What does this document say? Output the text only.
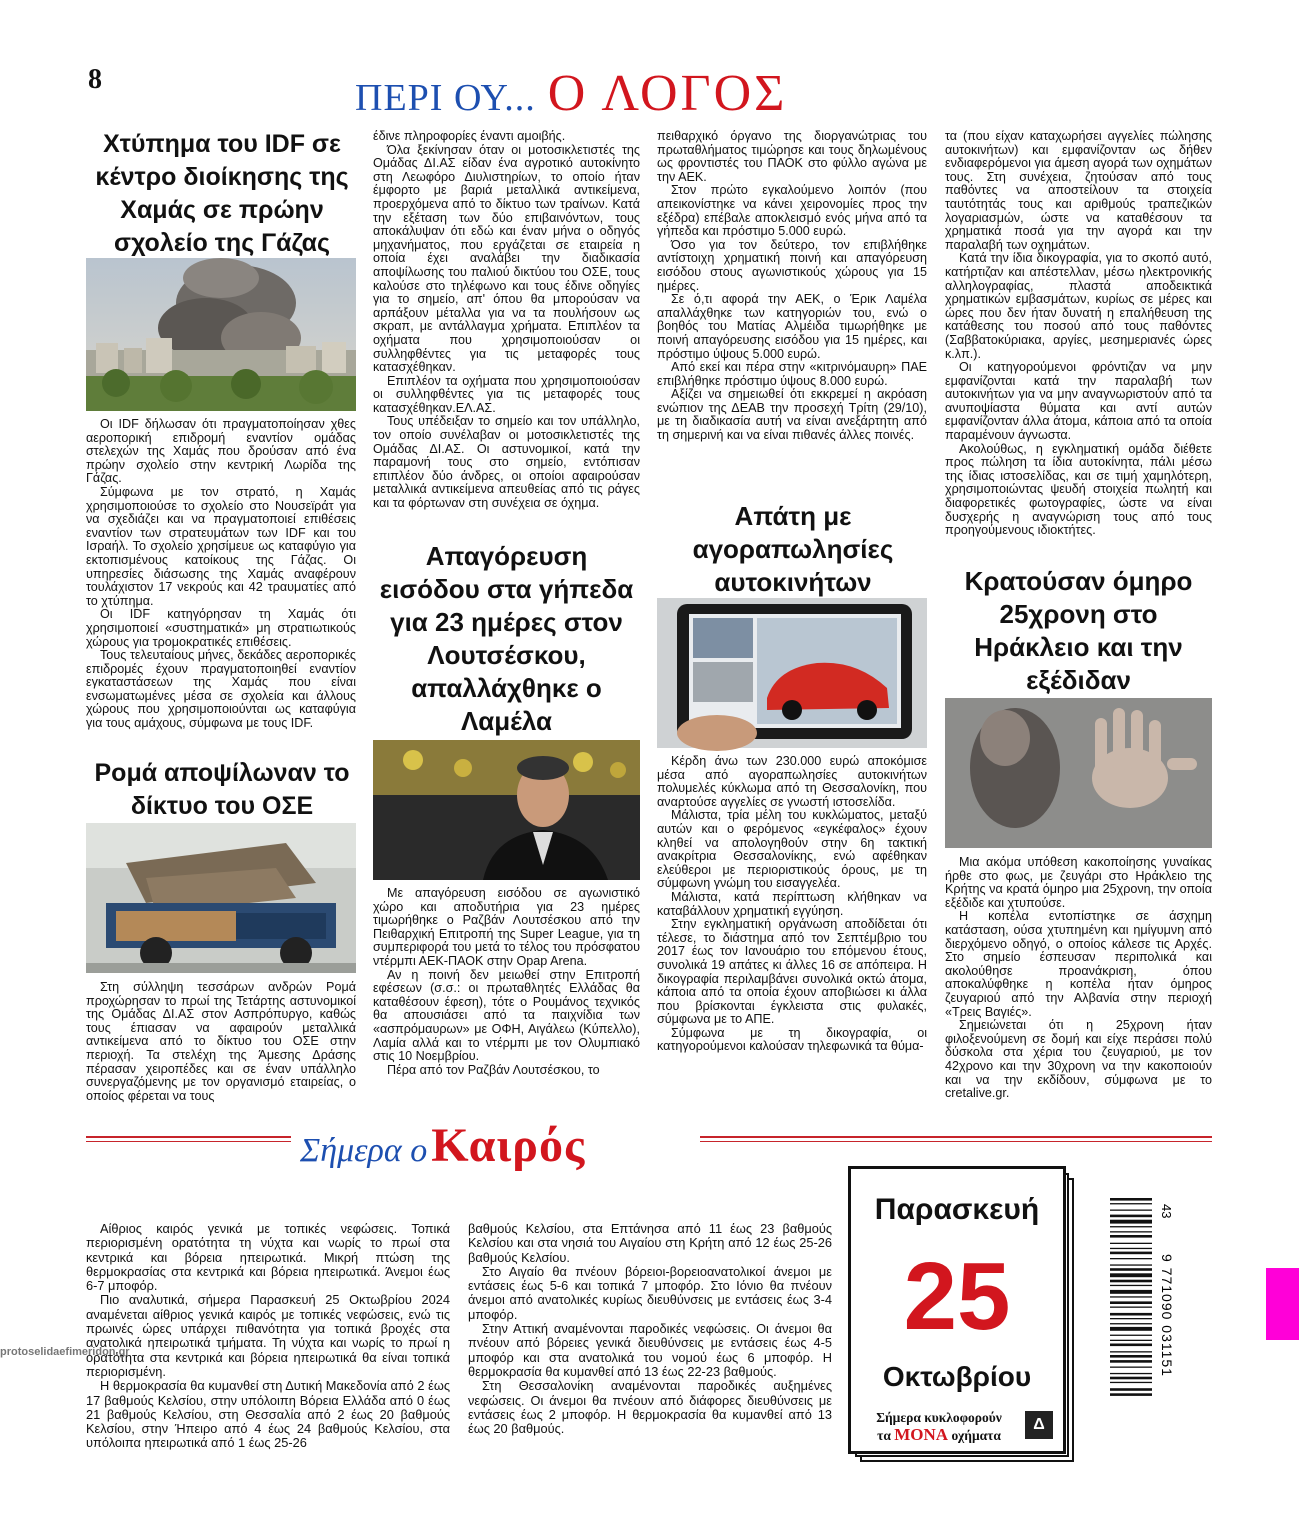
8	ΠΕΡΙ ΟΥ... Ο ΛΟΓΟΣ
Χτύπημα του IDF σε κέντρο διοίκησης της Χαμάς σε πρώην σχολείο της Γάζας

Οι IDF δήλωσαν ότι πραγματοποίησαν χθες αεροπορική επιδρομή εναντίον ομάδας στελεχών της Χαμάς που δρούσαν από ένα πρώην σχολείο στην κεντρική Λωρίδα της Γάζας.

Σύμφωνα με τον στρατό, η Χαμάς χρησιμοποιούσε το σχολείο στο Νουσεϊράτ για να σχεδιάζει και να πραγματοποιεί επιθέσεις εναντίον των στρατευμάτων των IDF και του Ισραήλ. Το σχολείο χρησίμευε ως καταφύγιο για εκτοπισμένους κατοίκους της Γάζας. Οι υπηρεσίες διάσωσης της Χαμάς αναφέρουν τουλάχιστον 17 νεκρούς και 42 τραυματίες από το χτύπημα.

Οι IDF κατηγόρησαν τη Χαμάς ότι χρησιμοποιεί «συστηματικά» μη στρατιωτικούς χώρους για τρομοκρατικές επιθέσεις.

Τους τελευταίους μήνες, δεκάδες αεροπορικές επιδρομές έχουν πραγματοποιηθεί εναντίον εγκαταστάσεων της Χαμάς που είναι ενσωματωμένες μέσα σε σχολεία και άλλους χώρους που χρησιμοποιούνται ως καταφύγια για τους αμάχους, σύμφωνα με τους IDF.

Ρομά αποψίλωναν το δίκτυο του ΟΣΕ

Στη σύλληψη τεσσάρων ανδρών Ρομά προχώρησαν το πρωί της Τετάρτης αστυνομικοί της Ομάδας ΔΙ.ΑΣ στον Ασπρόπυργο, καθώς τους έπιασαν να αφαιρούν μεταλλικά αντικείμενα από το δίκτυο του ΟΣΕ στην περιοχή. Τα στελέχη της Άμεσης Δράσης πέρασαν χειροπέδες και σε έναν υπάλληλο συνεργαζόμενης με τον οργανισμό εταιρείας, ο οποίος φέρεται να τους

έδινε πληροφορίες έναντι αμοιβής.

Όλα ξεκίνησαν όταν οι μοτοσικλετιστές της Ομάδας ΔΙ.ΑΣ είδαν ένα αγροτικό αυτοκίνητο στη Λεωφόρο Διυλιστηρίων, το οποίο ήταν έμφορτο με βαριά μεταλλικά αντικείμενα, προερχόμενα από το δίκτυο των τραίνων. Κατά την εξέταση των δύο επιβαινόντων, τους αποκάλυψαν ότι εδώ και έναν μήνα ο οδηγός μηχανήματος, που εργάζεται σε εταιρεία η οποία έχει αναλάβει την διαδικασία αποψίλωσης του παλιού δικτύου του ΟΣΕ, τους καλούσε στο τηλέφωνο και τους έδινε οδηγίες για το σημείο, απ' όπου θα μπορούσαν να αρπάξουν μέταλλα για να τα πουλήσουν ως σκραπ, με αντάλλαγμα χρήματα. Επιπλέον τα οχήματα που χρησιμοποιούσαν οι συλληφθέντες για τις μεταφορές τους κατασχέθηκαν.

Επιπλέον τα οχήματα που χρησιμοποιούσαν οι συλληφθέντες για τις μεταφορές τους κατασχέθηκαν.ΕΛ.ΑΣ.

Τους υπέδειξαν το σημείο και τον υπάλληλο, τον οποίο συνέλαβαν οι μοτοσικλετιστές της Ομάδας ΔΙ.ΑΣ. Οι αστυνομικοί, κατά την παραμονή τους στο σημείο, εντόπισαν επιπλέον δύο άνδρες, οι οποίοι αφαιρούσαν μεταλλικά αντικείμενα απευθείας από τις ράγες και τα φόρτωναν στη συνέχεια σε όχημα.

Απαγόρευση εισόδου στα γήπεδα για 23 ημέρες στον Λουτσέσκου, απαλλάχθηκε ο Λαμέλα

Με απαγόρευση εισόδου σε αγωνιστικό χώρο και αποδυτήρια για 23 ημέρες τιμωρήθηκε ο Ραζβάν Λουτσέσκου από την Πειθαρχική Επιτροπή της Super League, για τη συμπεριφορά του μετά το τέλος του πρόσφατου ντέρμπι ΑΕΚ-ΠΑΟΚ στην Opap Arena.

Αν η ποινή δεν μειωθεί στην Επιτροπή εφέσεων (σ.σ.: οι πρωταθλητές Ελλάδας θα καταθέσουν έφεση), τότε ο Ρουμάνος τεχνικός θα απουσιάσει από τα παιχνίδια των «ασπρόμαυρων» με ΟΦΗ, Αιγάλεω (Κύπελλο), Λαμία αλλά και το ντέρμπι με τον Ολυμπιακό στις 10 Νοεμβρίου.

Πέρα από τον Ραζβάν Λουτσέσκου, το

πειθαρχικό όργανο της διοργανώτριας του πρωταθλήματος τιμώρησε και τους δηλωμένους ως φροντιστές του ΠΑΟΚ στο φύλλο αγώνα με την ΑΕΚ.

Στον πρώτο εγκαλούμενο λοιπόν (που απεικονίστηκε να κάνει χειρονομίες προς την εξέδρα) επέβαλε αποκλεισμό ενός μήνα από τα γήπεδα και πρόστιμο 5.000 ευρώ.

Όσο για τον δεύτερο, τον επιβλήθηκε αντίστοιχη χρηματική ποινή και απαγόρευση εισόδου στους αγωνιστικούς χώρους για 15 ημέρες.

Σε ό,τι αφορά την ΑΕΚ, ο Έρικ Λαμέλα απαλλάχθηκε των κατηγοριών του, ενώ ο βοηθός του Ματίας Αλμέιδα τιμωρήθηκε με ποινή απαγόρευσης εισόδου για 15 ημέρες, και πρόστιμο ύψους 5.000 ευρώ.

Από εκεί και πέρα στην «κιτρινόμαυρη» ΠΑΕ επιβλήθηκε πρόστιμο ύψους 8.000 ευρώ.

Αξίζει να σημειωθεί ότι εκκρεμεί η ακρόαση ενώπιον της ΔΕΑΒ την προσεχή Τρίτη (29/10), με τη διαδικασία αυτή να είναι ανεξάρτητη από τη σημερινή και να είναι πιθανές άλλες ποινές.

Απάτη με αγοραπωλησίες αυτοκινήτων

Κέρδη άνω των 230.000 ευρώ αποκόμισε μέσα από αγοραπωλησίες αυτοκινήτων πολυμελές κύκλωμα από τη Θεσσαλονίκη, που αναρτούσε αγγελίες σε γνωστή ιστοσελίδα.

Μάλιστα, τρία μέλη του κυκλώματος, μεταξύ αυτών και ο φερόμενος «εγκέφαλος» έχουν κληθεί να απολογηθούν στην 6η τακτική ανακρίτρια Θεσσαλονίκης, ενώ αφέθηκαν ελεύθεροι με περιοριστικούς όρους, με τη σύμφωνη γνώμη του εισαγγελέα.

Μάλιστα, κατά περίπτωση κλήθηκαν να καταβάλλουν χρηματική εγγύηση.

Στην εγκληματική οργάνωση αποδίδεται ότι τέλεσε, το διάστημα από τον Σεπτέμβριο του 2017 έως τον Ιανουάριο του επόμενου έτους, συνολικά 19 απάτες κι άλλες 16 σε απόπειρα. Η δικογραφία περιλαμβάνει συνολικά οκτώ άτομα, κάποια από τα οποία έχουν αποβιώσει κι άλλα που βρίσκονται έγκλειστα στις φυλακές, σύμφωνα με το ΑΠΕ.

Σύμφωνα με τη δικογραφία, οι κατηγορούμενοι καλούσαν τηλεφωνικά τα θύμα-

τα (που είχαν καταχωρήσει αγγελίες πώλησης αυτοκινήτων) και εμφανίζονταν ως δήθεν ενδιαφερόμενοι για άμεση αγορά των οχημάτων τους. Στη συνέχεια, ζητούσαν από τους παθόντες να αποστείλουν τα στοιχεία ταυτότητάς τους και αριθμούς τραπεζικών λογαριασμών, ώστε να καταθέσουν τα χρηματικά ποσά για την αγορά και την παραλαβή των οχημάτων.

Κατά την ίδια δικογραφία, για το σκοπό αυτό, κατήρτιζαν και απέστελλαν, μέσω ηλεκτρονικής αλληλογραφίας, πλαστά αποδεικτικά χρηματικών εμβασμάτων, κυρίως σε μέρες και ώρες που δεν ήταν δυνατή η επαλήθευση της κατάθεσης του ποσού από τους παθόντες (Σαββατοκύριακα, αργίες, μεσημεριανές ώρες κ.λπ.).

Οι κατηγορούμενοι φρόντιζαν να μην εμφανίζονται κατά την παραλαβή των αυτοκινήτων για να μην αναγνωριστούν από τα ανυποψίαστα θύματα και αντί αυτών εμφανίζονταν άλλα άτομα, κάποια από τα οποία παραμένουν άγνωστα.

Ακολούθως, η εγκληματική ομάδα διέθετε προς πώληση τα ίδια αυτοκίνητα, πάλι μέσω της ίδιας ιστοσελίδας, και σε τιμή χαμηλότερη, χρησιμοποιώντας ψευδή στοιχεία πωλητή και διαφορετικές φωτογραφίες, ώστε να είναι δυσχερής η αναγνώριση τους από τους προηγούμενους ιδιοκτήτες.

Κρατούσαν όμηρο 25χρονη στο Ηράκλειο και την εξέδιδαν

Μια ακόμα υπόθεση κακοποίησης γυναίκας ήρθε στο φως, με ζευγάρι στο Ηράκλειο της Κρήτης να κρατά όμηρο μια 25χρονη, την οποία εξέδιδε και χτυπούσε.

Η κοπέλα εντοπίστηκε σε άσχημη κατάσταση, ούσα χτυπημένη και ημίγυμνη από διερχόμενο οδηγό, ο οποίος κάλεσε τις Αρχές. Στο σημείο έσπευσαν περιπολικά και ακολούθησε προανάκριση, όπου αποκαλύφθηκε η κοπέλα ήταν όμηρος ζευγαριού από την Αλβανία στην περιοχή «Τρεις Βαγιές».

Σημειώνεται ότι η 25χρονη ήταν φιλοξενούμενη σε δομή και είχε περάσει πολύ δύσκολα στα χέρια του ζευγαριού, με τον 42χρονο και την 30χρονη να την κακοποιούν και να την εκδίδουν, σύμφωνα με το cretalive.gr.

Σήμερα ο Καιρός

Αίθριος καιρός γενικά με τοπικές νεφώσεις. Τοπικά περιορισμένη ορατότητα τη νύχτα και νωρίς το πρωί στα κεντρικά και βόρεια ηπειρωτικά. Μικρή πτώση της θερμοκρασίας στα κεντρικά και βόρεια ηπειρωτικά. Άνεμοι έως 6-7 μποφόρ.

Πιο αναλυτικά, σήμερα Παρασκευή 25 Οκτωβρίου 2024 αναμένεται αίθριος γενικά καιρός με τοπικές νεφώσεις, ενώ τις πρωινές ώρες υπάρχει πιθανότητα για τοπικά βροχές στα ανατολικά ηπειρωτικά τμήματα. Τη νύχτα και νωρίς το πρωί η ορατότητα στα κεντρικά και βόρεια ηπειρωτικά θα είναι τοπικά περιορισμένη.

Η θερμοκρασία θα κυμανθεί στη Δυτική Μακεδονία από 2 έως 17 βαθμούς Κελσίου, στην υπόλοιπη Βόρεια Ελλάδα από 0 έως 21 βαθμούς Κελσίου, στη Θεσσαλία από 2 έως 20 βαθμούς Κελσίου, στην Ήπειρο από 4 έως 24 βαθμούς Κελσίου, στα υπόλοιπα ηπειρωτικά από 1 έως 25-26

βαθμούς Κελσίου, στα Επτάνησα από 11 έως 23 βαθμούς Κελσίου και στα νησιά του Αιγαίου στη Κρήτη από 12 έως 25-26 βαθμούς Κελσίου.

Στο Αιγαίο θα πνέουν βόρειοι-βορειοανατολικοί άνεμοι με εντάσεις έως 5-6 και τοπικά 7 μποφόρ. Στο Ιόνιο θα πνέουν άνεμοι από ανατολικές κυρίως διευθύνσεις με εντάσεις έως 3-4 μποφόρ.

Στην Αττική αναμένονται παροδικές νεφώσεις. Οι άνεμοι θα πνέουν από βόρειες γενικά διευθύνσεις με εντάσεις έως 4-5 μποφόρ και στα ανατολικά του νομού έως 6 μποφόρ. Η θερμοκρασία θα κυμανθεί από 13 έως 22-23 βαθμούς.

Στη Θεσσαλονίκη αναμένονται παροδικές αυξημένες νεφώσεις. Οι άνεμοι θα πνέουν από διάφορες διευθύνσεις με εντάσεις έως 2 μποφόρ. Η θερμοκρασία θα κυμανθεί από 13 έως 20 βαθμούς.

Παρασκευή
25
Οκτωβρίου
Σήμερα κυκλοφορούν
τα ΜΟΝΑ οχήματα
Δ
43
9 771090 031151
protoselidaefimeridon.gr
